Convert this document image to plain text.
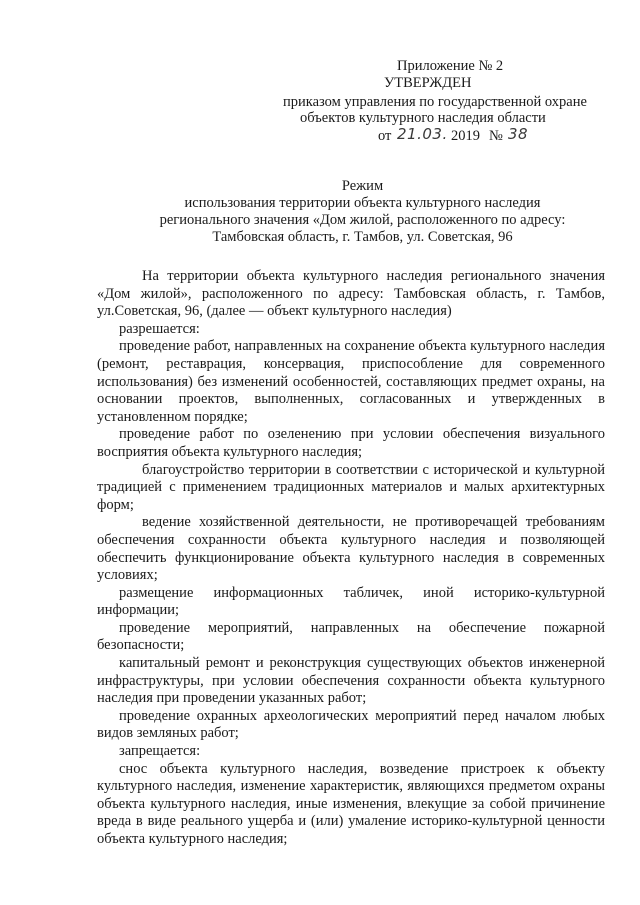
Приложение № 2
УТВЕРЖДЕН
приказом управления по государственной охране
объектов культурного наследия области
от 21.03. 2019 № 38
Режим
использования территории объекта культурного наследия
регионального значения «Дом жилой, расположенного по адресу:
Тамбовская область, г. Тамбов, ул. Советская, 96

На территории объекта культурного наследия регионального значения «Дом жилой», расположенного по адресу: Тамбовская область, г. Тамбов, ул.Советская, 96, (далее — объект культурного наследия)

разрешается:

проведение работ, направленных на сохранение объекта культурного наследия (ремонт, реставрация, консервация, приспособление для современного использования) без изменений особенностей, составляющих предмет охраны, на основании проектов, выполненных, согласованных и утвержденных в установленном порядке;

проведение работ по озеленению при условии обеспечения визуального восприятия объекта культурного наследия;

благоустройство территории в соответствии с исторической и культурной традицией с применением традиционных материалов и малых архитектурных форм;

ведение хозяйственной деятельности, не противоречащей требованиям обеспечения сохранности объекта культурного наследия и позволяющей обеспечить функционирование объекта культурного наследия в современных условиях;

размещение информационных табличек, иной историко-культурной информации;

проведение мероприятий, направленных на обеспечение пожарной безопасности;

капитальный ремонт и реконструкция существующих объектов инженерной инфраструктуры, при условии обеспечения сохранности объекта культурного наследия при проведении указанных работ;

проведение охранных археологических мероприятий перед началом любых видов земляных работ;

запрещается:

снос объекта культурного наследия, возведение пристроек к объекту культурного наследия, изменение характеристик, являющихся предметом охраны объекта культурного наследия, иные изменения, влекущие за собой причинение вреда в виде реального ущерба и (или) умаление историко-культурной ценности объекта культурного наследия;
